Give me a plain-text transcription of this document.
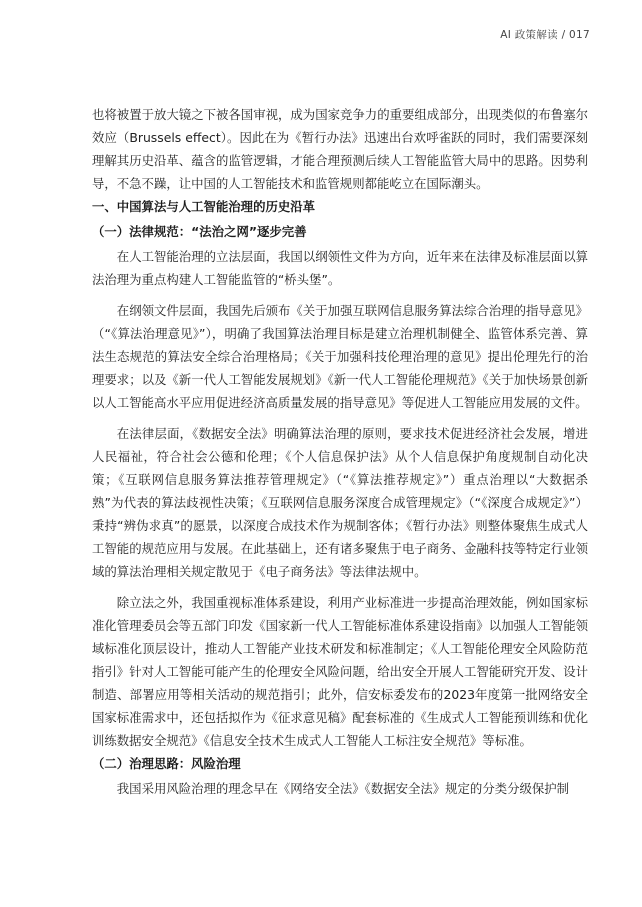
AI 政策解读 / 017

也将被置于放大镜之下被各国审视，成为国家竞争力的重要组成部分，出现类似的布鲁塞尔效应（Brussels effect）。因此在为《暂行办法》迅速出台欢呼雀跃的同时，我们需要深刻理解其历史沿革、蕴含的监管逻辑，才能合理预测后续人工智能监管大局中的思路。因势利导，不急不躁，让中国的人工智能技术和监管规则都能屹立在国际潮头。

一、中国算法与人工智能治理的历史沿革

（一）法律规范：“法治之网”逐步完善

在人工智能治理的立法层面，我国以纲领性文件为方向，近年来在法律及标准层面以算法治理为重点构建人工智能监管的“桥头堡”。

在纲领文件层面，我国先后颁布《关于加强互联网信息服务算法综合治理的指导意见》（“《算法治理意见》”），明确了我国算法治理目标是建立治理机制健全、监管体系完善、算法生态规范的算法安全综合治理格局；《关于加强科技伦理治理的意见》提出伦理先行的治理要求；以及《新一代人工智能发展规划》《新一代人工智能伦理规范》《关于加快场景创新以人工智能高水平应用促进经济高质量发展的指导意见》等促进人工智能应用发展的文件。

在法律层面，《数据安全法》明确算法治理的原则，要求技术促进经济社会发展，增进人民福祉，符合社会公德和伦理；《个人信息保护法》从个人信息保护角度规制自动化决策；《互联网信息服务算法推荐管理规定》（“《算法推荐规定》”）重点治理以“大数据杀熟”为代表的算法歧视性决策；《互联网信息服务深度合成管理规定》（“《深度合成规定》”）秉持“辨伪求真”的愿景，以深度合成技术作为规制客体；《暂行办法》则整体聚焦生成式人工智能的规范应用与发展。在此基础上，还有诸多聚焦于电子商务、金融科技等特定行业领域的算法治理相关规定散见于《电子商务法》等法律法规中。

除立法之外，我国重视标准体系建设，利用产业标准进一步提高治理效能，例如国家标准化管理委员会等五部门印发《国家新一代人工智能标准体系建设指南》以加强人工智能领域标准化顶层设计，推动人工智能产业技术研发和标准制定；《人工智能伦理安全风险防范指引》针对人工智能可能产生的伦理安全风险问题，给出安全开展人工智能研究开发、设计制造、部署应用等相关活动的规范指引；此外，信安标委发布的2023年度第一批网络安全国家标准需求中，还包括拟作为《征求意见稿》配套标准的《生成式人工智能预训练和优化训练数据安全规范》《信息安全技术生成式人工智能人工标注安全规范》等标准。

（二）治理思路：风险治理

我国采用风险治理的理念早在《网络安全法》《数据安全法》规定的分类分级保护制
